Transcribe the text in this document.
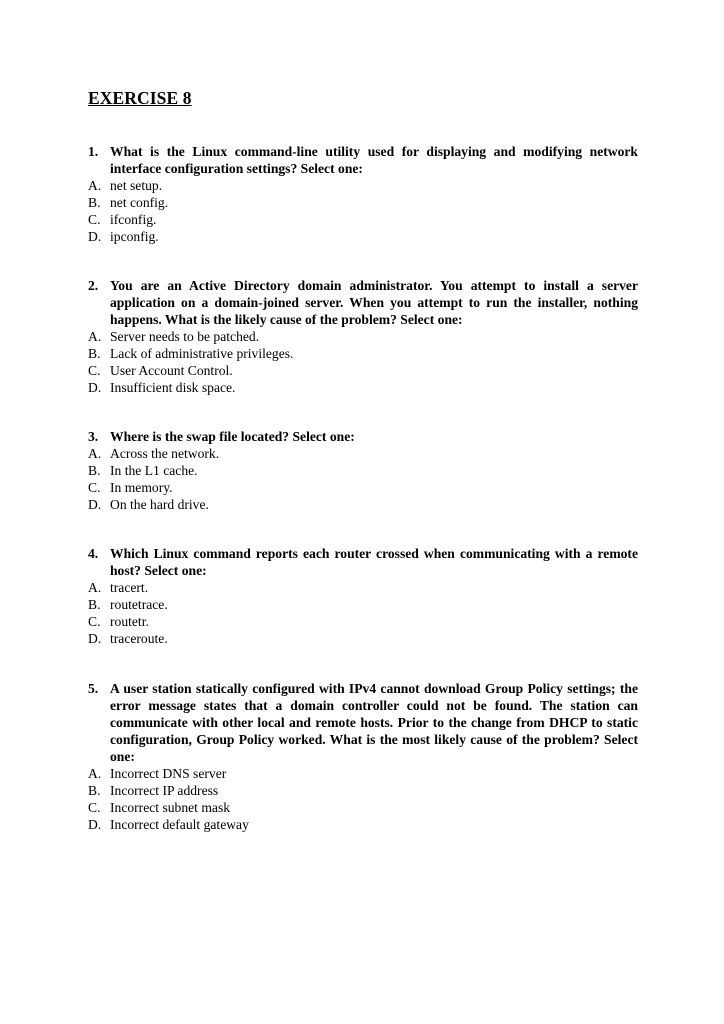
EXERCISE 8
1. What is the Linux command-line utility used for displaying and modifying network interface configuration settings? Select one:
A. net setup.
B. net config.
C. ifconfig.
D. ipconfig.
2. You are an Active Directory domain administrator. You attempt to install a server application on a domain-joined server. When you attempt to run the installer, nothing happens. What is the likely cause of the problem? Select one:
A. Server needs to be patched.
B. Lack of administrative privileges.
C. User Account Control.
D. Insufficient disk space.
3. Where is the swap file located? Select one:
A. Across the network.
B. In the L1 cache.
C. In memory.
D. On the hard drive.
4. Which Linux command reports each router crossed when communicating with a remote host? Select one:
A. tracert.
B. routetrace.
C. routetr.
D. traceroute.
5. A user station statically configured with IPv4 cannot download Group Policy settings; the error message states that a domain controller could not be found. The station can communicate with other local and remote hosts. Prior to the change from DHCP to static configuration, Group Policy worked. What is the most likely cause of the problem? Select one:
A. Incorrect DNS server
B. Incorrect IP address
C. Incorrect subnet mask
D. Incorrect default gateway
